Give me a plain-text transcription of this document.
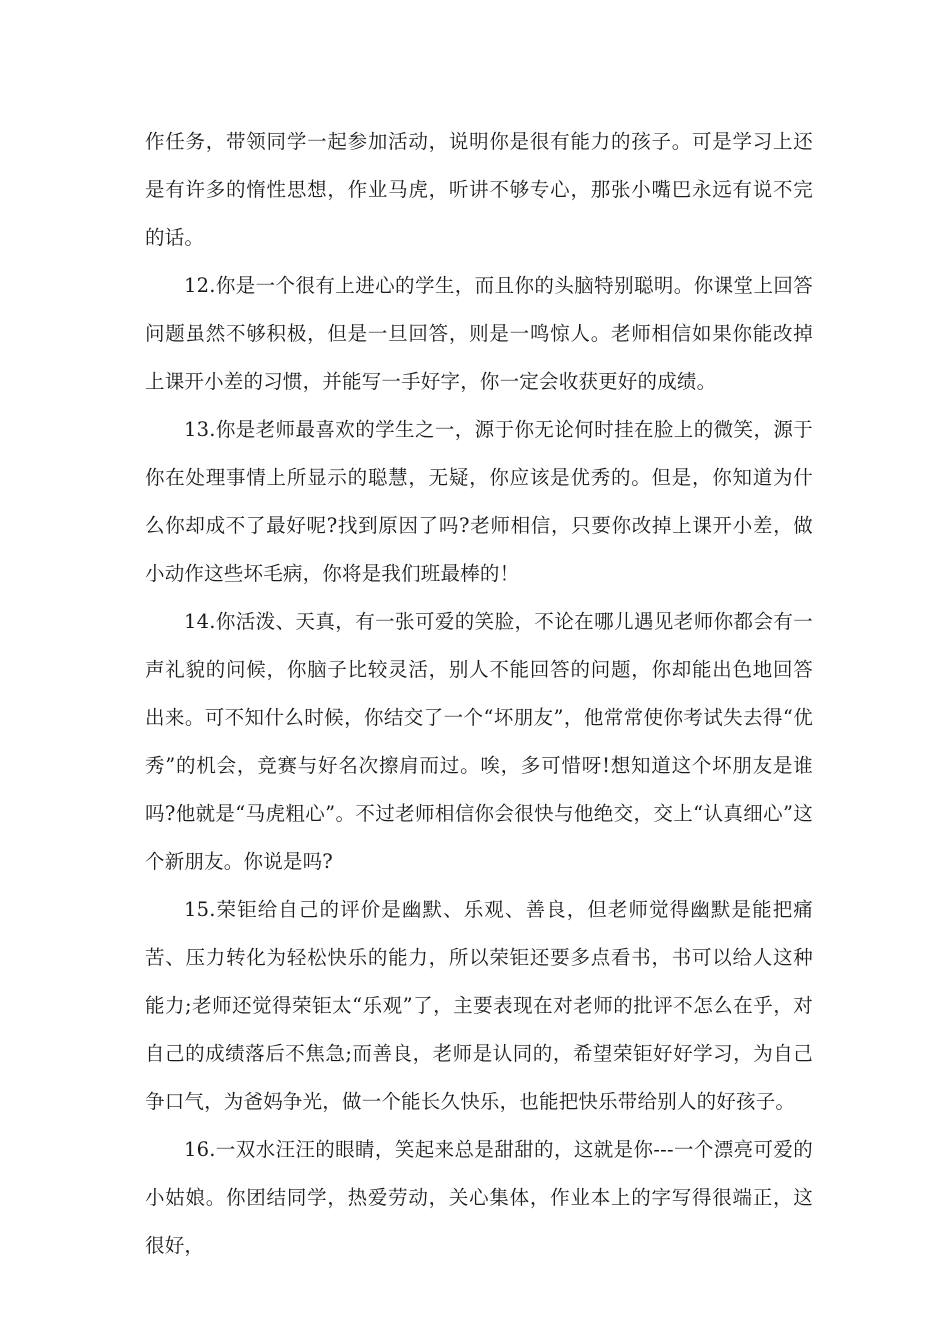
作任务，带领同学一起参加活动，说明你是很有能力的孩子。可是学习上还是有许多的惰性思想，作业马虎，听讲不够专心，那张小嘴巴永远有说不完的话。

12.你是一个很有上进心的学生，而且你的头脑特别聪明。你课堂上回答问题虽然不够积极，但是一旦回答，则是一鸣惊人。老师相信如果你能改掉上课开小差的习惯，并能写一手好字，你一定会收获更好的成绩。

13.你是老师最喜欢的学生之一，源于你无论何时挂在脸上的微笑，源于你在处理事情上所显示的聪慧，无疑，你应该是优秀的。但是，你知道为什么你却成不了最好呢?找到原因了吗?老师相信，只要你改掉上课开小差，做小动作这些坏毛病，你将是我们班最棒的！

14.你活泼、天真，有一张可爱的笑脸，不论在哪儿遇见老师你都会有一声礼貌的问候，你脑子比较灵活，别人不能回答的问题，你却能出色地回答出来。可不知什么时候，你结交了一个“坏朋友”，他常常使你考试失去得“优秀”的机会，竞赛与好名次擦肩而过。唉，多可惜呀!想知道这个坏朋友是谁吗?他就是“马虎粗心”。不过老师相信你会很快与他绝交，交上“认真细心”这个新朋友。你说是吗?

15.荣钜给自己的评价是幽默、乐观、善良，但老师觉得幽默是能把痛苦、压力转化为轻松快乐的能力，所以荣钜还要多点看书，书可以给人这种能力;老师还觉得荣钜太“乐观”了，主要表现在对老师的批评不怎么在乎，对自己的成绩落后不焦急;而善良，老师是认同的，希望荣钜好好学习，为自己争口气，为爸妈争光，做一个能长久快乐，也能把快乐带给别人的好孩子。

16.一双水汪汪的眼睛，笑起来总是甜甜的，这就是你---一个漂亮可爱的小姑娘。你团结同学，热爱劳动，关心集体，作业本上的字写得很端正，这很好，
